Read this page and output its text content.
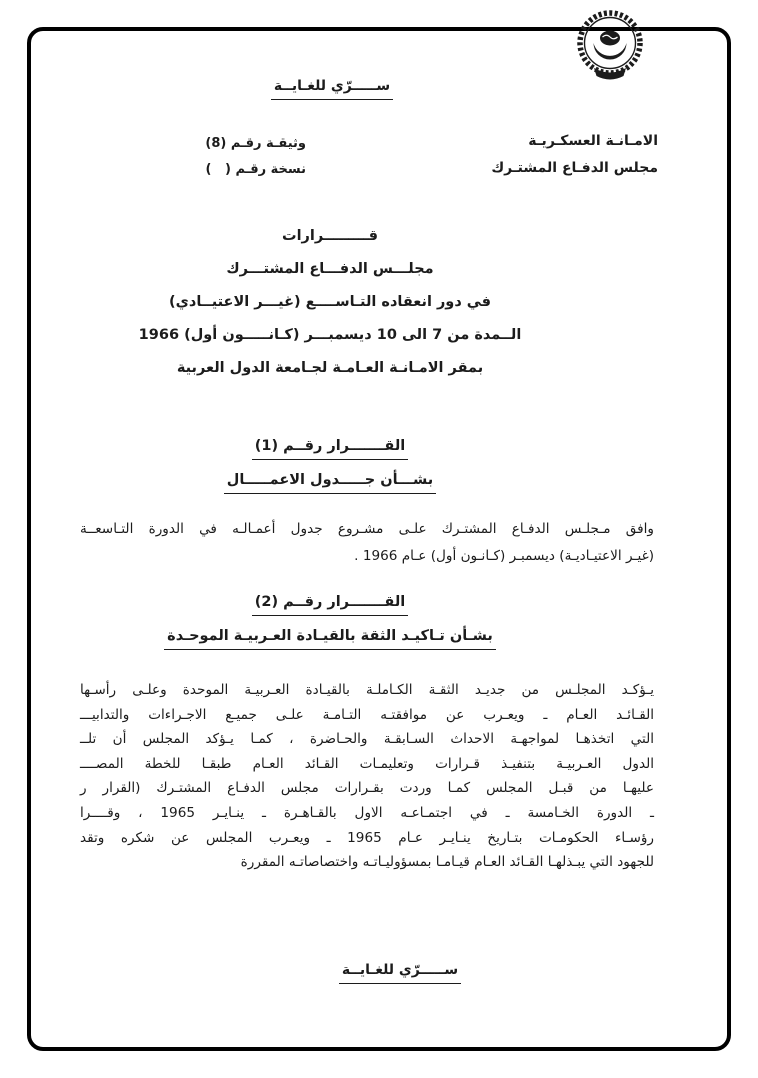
ســـــرّي للغـايــة
الامـانـة العسكـريـة
مجلس الدفـاع المشتـرك
وثيقـة رقـم (8)
نسخة رقـم (   )
قـــــــــرارات
مجلـــس الدفـــاع المشتـــرك
في دور انعقاده التـاســــع (غيـــر الاعتيــادي)
الــمدة من 7 الى 10 ديسمبـــر (كـانـــــون أول) 1966
بمقر الامـانـة العـامـة لجـامعة الدول العربية
القـــــــرار رقــم (1)
بشـــأن جـــــدول الاعمـــــال
وافق مـجلـس الدفـاع المشتـرك علـى مشـروع جدول أعمـالـه في الدورة التـاسعــة
(غيـر الاعتيـاديـة) ديسمبـر (كـانـون أول) عـام 1966 .
القـــــــرار رقــم (2)
بشـأن تـاكيـد الثقة بالقيـادة العـربيـة الموحـدة
يـؤكـد المجلـس من جديـد الثقـة الكـاملـة بالقيـادة العـربيـة الموحدة وعلـى رأسـها
القـائـد العـام ـ ويعـرب عن موافقتـه التـامـة علـى جميـع الاجـراءات والتدابيـــ
التي اتخذهـا لمواجهـة الاحداث السـابقـة والحـاضرة ، كمـا يـؤكد المجلس أن تلــ
الدول العـربيـة بتنفيـذ قـرارات وتعليمـات القـائد العـام طبقـا للخطة المصــــ
عليهـا من قبـل المجلس كمـا وردت بقـرارات مجلس الدفـاع المشتـرك (القرار ر
ـ الدورة الخـامسة ـ في اجتمـاعـه الاول بالقـاهـرة ـ ينـايـر 1965 ، وقــــرا
رؤسـاء الحكومـات بتـاريخ ينـايـر عـام 1965 ـ ويعـرب المجلس عن شكره وتقد
للجهود التي يبـذلهـا القـائد العـام قيـامـا بمسؤوليـاتـه واختصاصاتـه المقررة
ســـــرّي للغـايــة
